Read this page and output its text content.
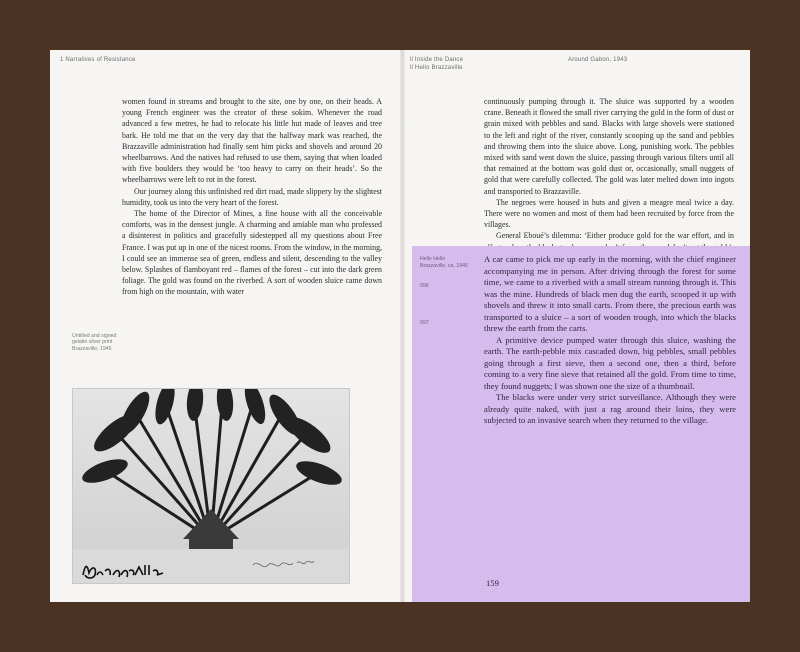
1 Narratives of Resistance

women found in streams and brought to the site, one by one, on their heads. A young French engineer was the creator of these sokim. Whenever the road advanced a few metres, he had to relocate his little hut made of leaves and tree bark. He told me that on the very day that the halfway mark was reached, the Brazzaville administration had finally sent him picks and shovels and around 20 wheelbarrows. And the natives had refused to use them, saying that when loaded with five boulders they would be ‘too heavy to carry on their heads’. So the wheelbarrows were left to rot in the forest.

Our journey along this unfinished red dirt road, made slippery by the slightest humidity, took us into the very heart of the forest.

The home of the Director of Mines, a fine house with all the conceivable comforts, was in the densest jungle. A charming and amiable man who professed a disinterest in politics and gracefully sidestepped all my questions about Free France. I was put up in one of the nicest rooms. From the window, in the morning, I could see an immense sea of green, endless and silent, descending to the valley below. Splashes of flamboyant red – flames of the forest – cut into the dark green foliage. The gold was found on the riverbed. A sort of wooden sluice came down from high on the mountain, with water

Untitled and signed
gelatin silver print
Brazzaville, 1945
ll Inside the Dance
ll Hello Brazzaville
Around Gabon, 1943

continuously pumping through it. The sluice was supported by a wooden crane. Beneath it flowed the small river carrying the gold in the form of dust or grain mixed with pebbles and sand. Blacks with large shovels were stationed to the left and right of the river, constantly scooping up the sand and pebbles and throwing them into the sluice above. Long, punishing work. The pebbles mixed with sand went down the sluice, passing through various filters until all that remained at the bottom was gold dust or, occasionally, small nuggets of gold that were carefully collected. The gold was later melted down into ingots and transported to Brazzaville.

The negroes were housed in huts and given a meagre meal twice a day. There were no women and most of them had been recruited by force from the villages.

General Eboué’s dilemma: ‘Either produce gold for the war effort, and in

Hello Hello
Brazzaville, ca. 1945
096
097

A car came to pick me up early in the morning, with the chief engineer accompanying me in person. After driving through the forest for some time, we came to a riverbed with a small stream running through it. This was the mine. Hundreds of black men dug the earth, scooped it up with shovels and threw it into small carts. From there, the precious earth was transported to a sluice – a sort of wooden trough, into which the blacks threw the earth from the carts.

A primitive device pumped water through this sluice, washing the earth. The earth-pebble mix cascaded down, big pebbles, small pebbles going through a first sieve, then a second one, then a third, before coming to a very fine sieve that retained all the gold. From time to time, they found nuggets; I was shown one the size of a thumbnail.

The blacks were under very strict surveillance. Although they were already quite naked, with just a rag around their loins, they were subjected to an invasive search when they returned to the village.

159
